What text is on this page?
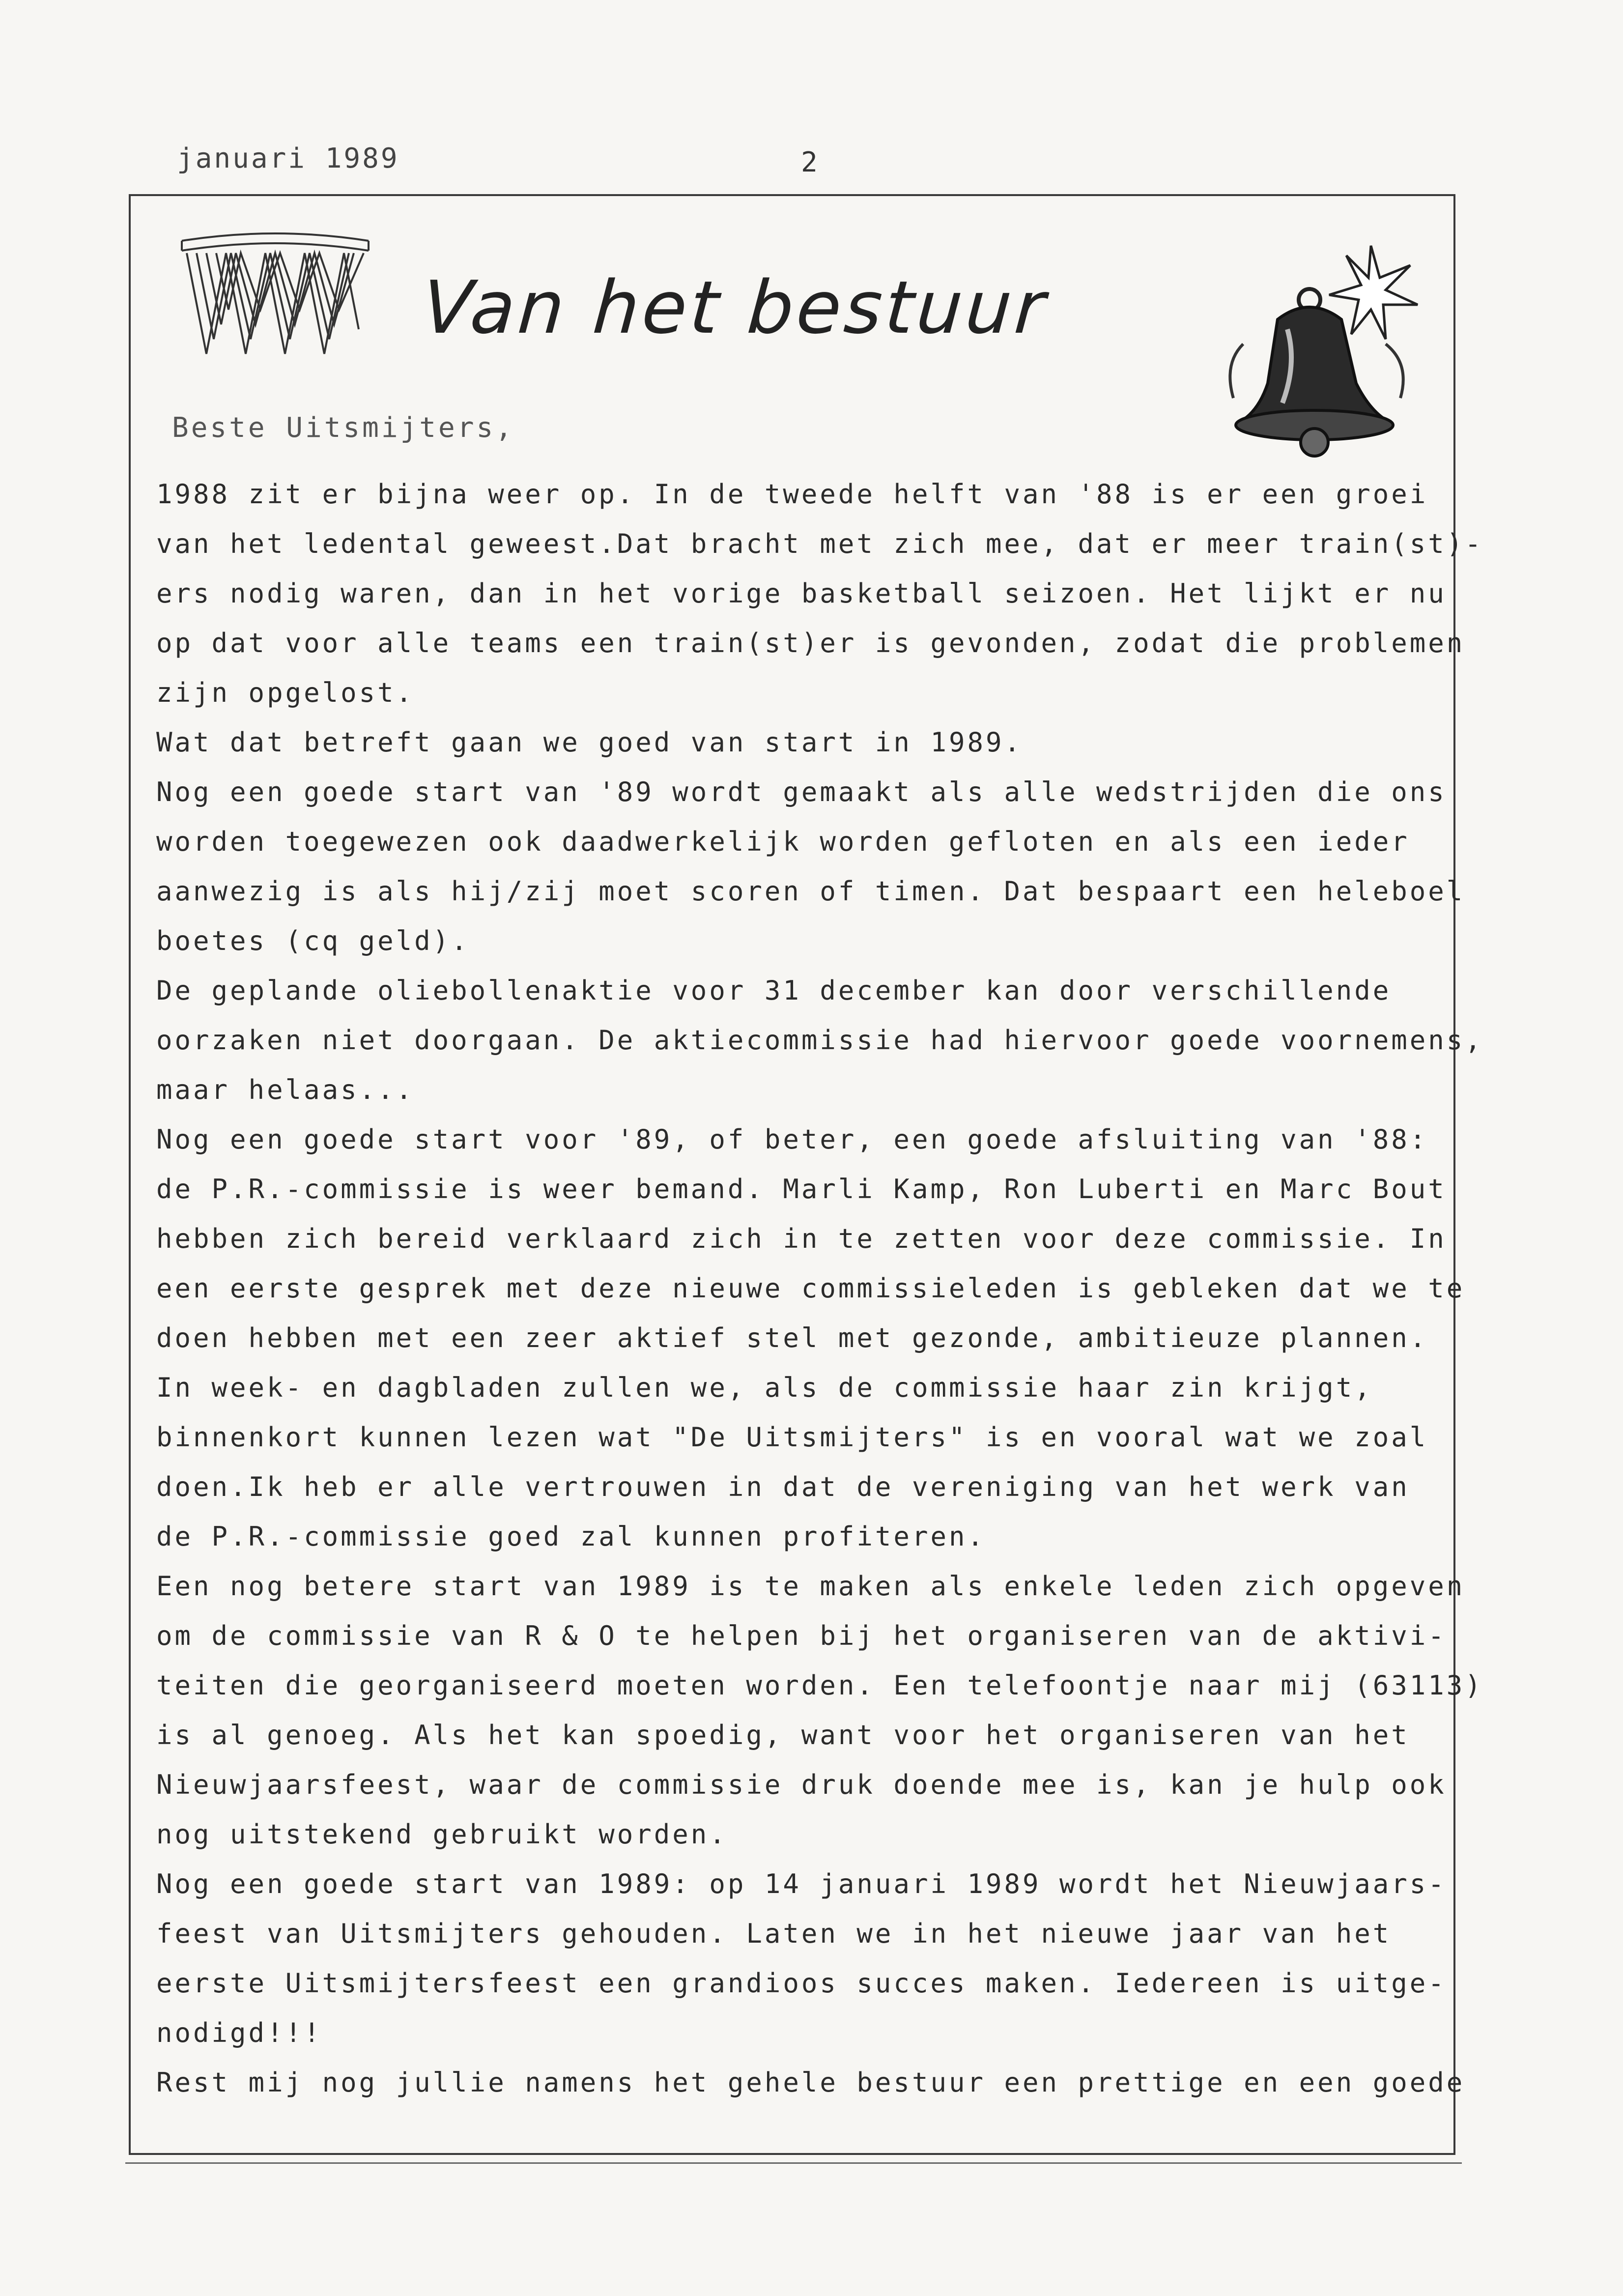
januari 1989	2
Van het bestuur
Beste Uitsmijters,
1988 zit er bijna weer op. In de tweede helft van '88 is er een groei
van het ledental geweest.Dat bracht met zich mee, dat er meer train(st)-
ers nodig waren, dan in het vorige basketball seizoen. Het lijkt er nu
op dat voor alle teams een train(st)er is gevonden, zodat die problemen
zijn opgelost.
Wat dat betreft gaan we goed van start in 1989.
Nog een goede start van '89 wordt gemaakt als alle wedstrijden die ons
worden toegewezen ook daadwerkelijk worden gefloten en als een ieder
aanwezig is als hij/zij moet scoren of timen. Dat bespaart een heleboel
boetes (cq geld).
De geplande oliebollenaktie voor 31 december kan door verschillende
oorzaken niet doorgaan. De aktiecommissie had hiervoor goede voornemens,
maar helaas...
Nog een goede start voor '89, of beter, een goede afsluiting van '88:
de P.R.-commissie is weer bemand. Marli Kamp, Ron Luberti en Marc Bout
hebben zich bereid verklaard zich in te zetten voor deze commissie. In
een eerste gesprek met deze nieuwe commissieleden is gebleken dat we te
doen hebben met een zeer aktief stel met gezonde, ambitieuze plannen.
In week- en dagbladen zullen we, als de commissie haar zin krijgt,
binnenkort kunnen lezen wat "De Uitsmijters" is en vooral wat we zoal
doen.Ik heb er alle vertrouwen in dat de vereniging van het werk van
de P.R.-commissie goed zal kunnen profiteren.
Een nog betere start van 1989 is te maken als enkele leden zich opgeven
om de commissie van R & O te helpen bij het organiseren van de aktivi-
teiten die georganiseerd moeten worden. Een telefoontje naar mij (63113)
is al genoeg. Als het kan spoedig, want voor het organiseren van het
Nieuwjaarsfeest, waar de commissie druk doende mee is, kan je hulp ook
nog uitstekend gebruikt worden.
Nog een goede start van 1989: op 14 januari 1989 wordt het Nieuwjaars-
feest van Uitsmijters gehouden. Laten we in het nieuwe jaar van het
eerste Uitsmijtersfeest een grandioos succes maken. Iedereen is uitge-
nodigd!!!
Rest mij nog jullie namens het gehele bestuur een prettige en een goede
